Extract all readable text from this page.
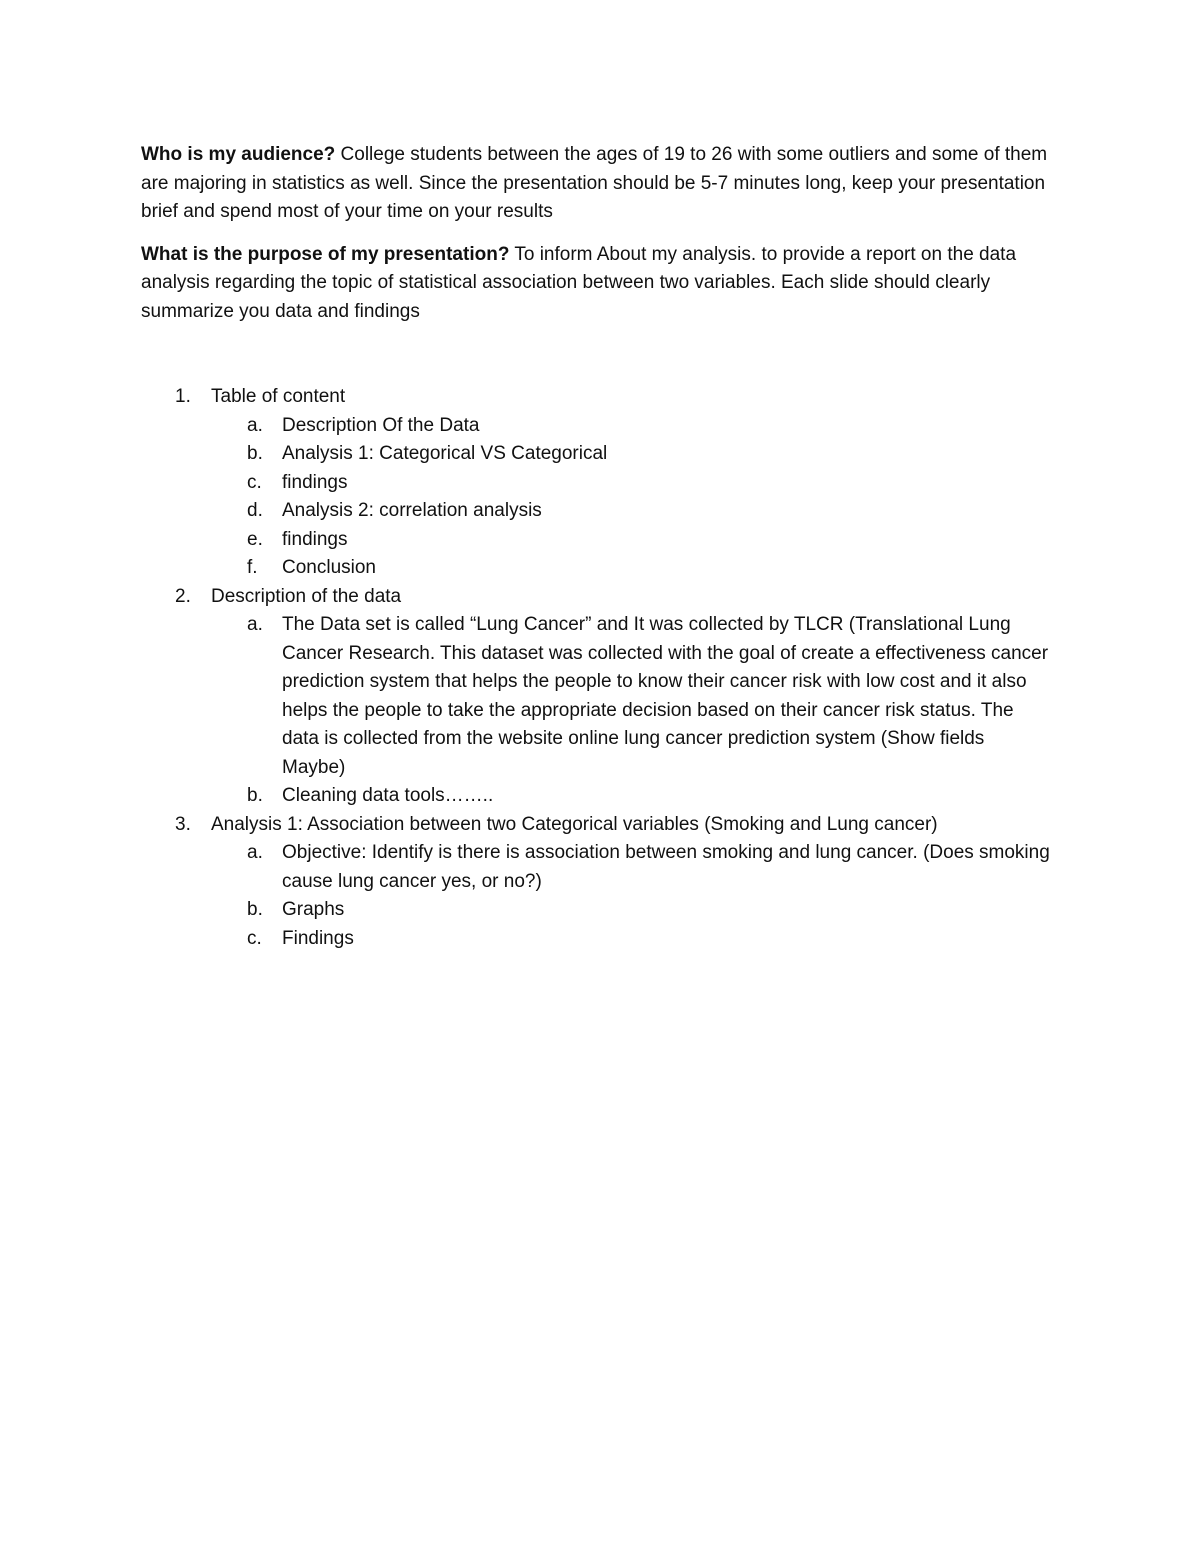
Who is my audience? College students between the ages of 19 to 26 with some outliers and some of them are majoring in statistics as well. Since the presentation should be 5-7 minutes long, keep your presentation brief and spend most of your time on your results

What is the purpose of my presentation? To inform About my analysis. to provide a report on the data analysis regarding the topic of statistical association between two variables. Each slide should clearly summarize you data and findings

1. Table of content
a. Description Of the Data
b. Analysis 1: Categorical VS Categorical
c. findings
d. Analysis 2: correlation analysis
e. findings
f. Conclusion
2. Description of the data
a. The Data set is called “Lung Cancer” and It was collected by TLCR (Translational Lung Cancer Research. This dataset was collected with the goal of create a effectiveness cancer prediction system that helps the people to know their cancer risk with low cost and it also helps the people to take the appropriate decision based on their cancer risk status. The data is collected from the website online lung cancer prediction system (Show fields Maybe)
b. Cleaning data tools……..
3. Analysis 1: Association between two Categorical variables (Smoking and Lung cancer)
a. Objective: Identify is there is association between smoking and lung cancer. (Does smoking cause lung cancer yes, or no?)
b. Graphs
c. Findings
